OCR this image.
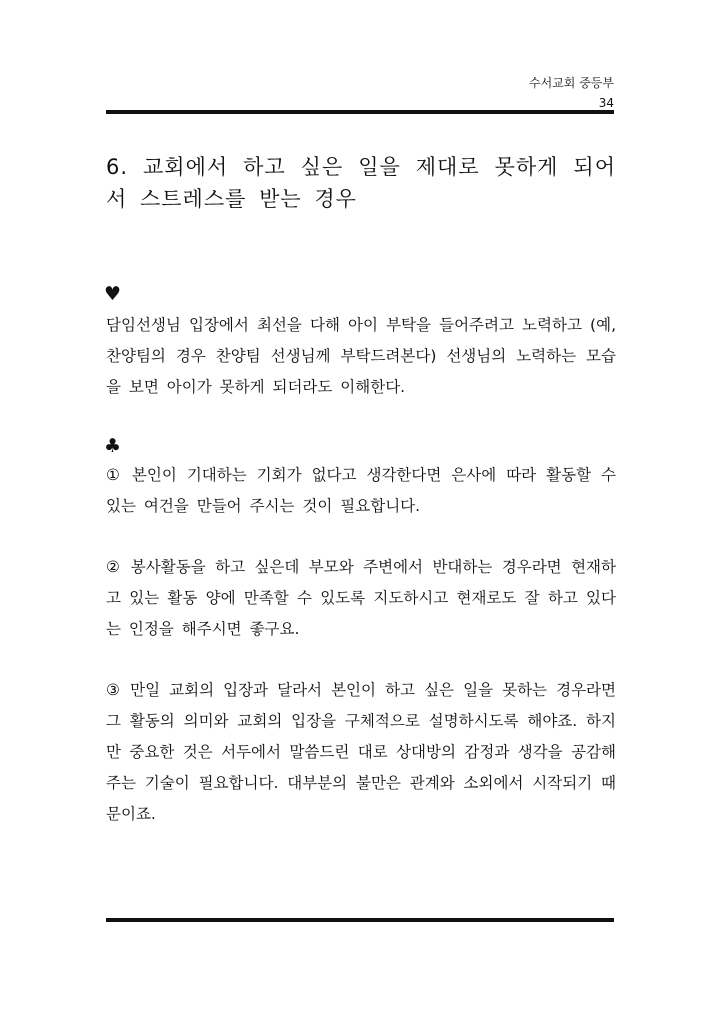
수서교회 중등부
34
6. 교회에서 하고 싶은 일을 제대로 못하게 되어서 스트레스를 받는 경우
♥

담임선생님 입장에서 최선을 다해 아이 부탁을 들어주려고 노력하고 (예, 찬양팀의 경우 찬양팀 선생님께 부탁드려본다) 선생님의 노력하는 모습을 보면 아이가 못하게 되더라도 이해한다.

♣

① 본인이 기대하는 기회가 없다고 생각한다면 은사에 따라 활동할 수 있는 여건을 만들어 주시는 것이 필요합니다.

② 봉사활동을 하고 싶은데 부모와 주변에서 반대하는 경우라면 현재하고 있는 활동 양에 만족할 수 있도록 지도하시고 현재로도 잘 하고 있다는 인정을 해주시면 좋구요.

③ 만일 교회의 입장과 달라서 본인이 하고 싶은 일을 못하는 경우라면 그 활동의 의미와 교회의 입장을 구체적으로 설명하시도록 해야죠. 하지만 중요한 것은 서두에서 말씀드린 대로 상대방의 감정과 생각을 공감해주는 기술이 필요합니다. 대부분의 불만은 관계와 소외에서 시작되기 때문이죠.
